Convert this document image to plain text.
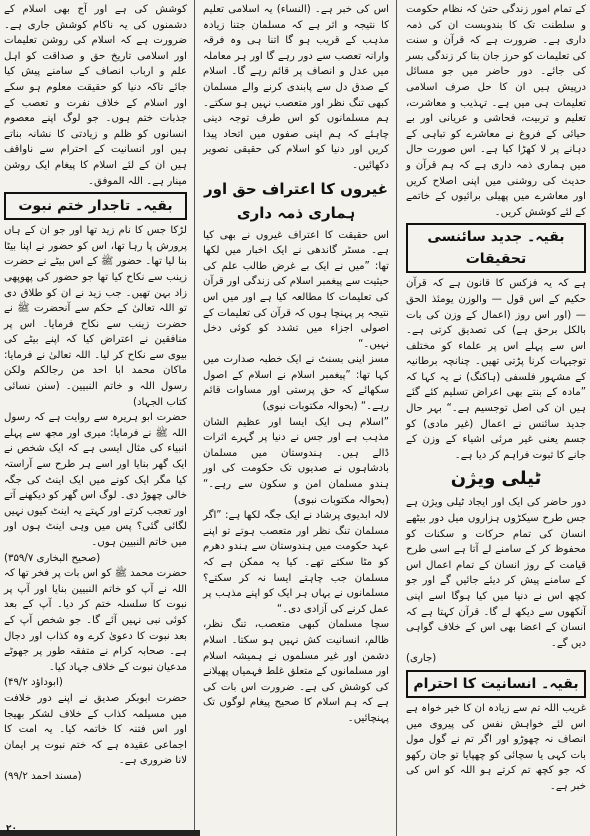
کے تمام امور زندگی حتیٰ کہ نظام حکومت و سلطنت تک کا بندوبست ان کی ذمہ داری ہے۔ ضرورت ہے کہ قرآن و سنت کی تعلیمات کو حرز جان بنا کر زندگی بسر کی جائے۔ دور حاضر میں جو مسائل درپیش ہیں ان کا حل صرف اسلامی تعلیمات ہی میں ہے۔ تہذیب و معاشرت، تعلیم و تربیت، فحاشی و عریانی اور بے حیائی کے فروغ نے معاشرے کو تباہی کے دہانے پر لا کھڑا کیا ہے۔ اس صورت حال میں ہماری ذمہ داری ہے کہ ہم قرآن و حدیث کی روشنی میں اپنی اصلاح کریں اور معاشرے میں پھیلی برائیوں کے خاتمے کے لئے کوشش کریں۔

بقیہ۔ جدید سائنسی تحقیقات

ہے کہ یہ فزکس کا قانون ہے کہ قرآن حکیم کے اس قول — والوزن یومئذ الحق — (اور اس روز (اعمال کے وزن کی بات بالکل برحق ہے) کی تصدیق کرتی ہے۔ اس سے پہلے اس پر علماء کو مختلف توجیہات کرنا پڑتی تھیں۔ چنانچہ برطانیہ کے مشہور فلسفی (ہاکنگ) نے یہ کہا کہ ”مادہ کے بنتے بھی اعراض تسلیم کئے گئے ہیں ان کی اصل توجسیم ہے۔“ بہر حال جدید سائنس نے اعمال (غیر مادی) کو جسم یعنی غیر مرئی اشیاء کے وزن کے جانے کا ثبوت فراہم کر دیا ہے۔

ٹیلی ویژن

دور حاضر کی ایک اور ایجاد ٹیلی ویژن ہے جس طرح سیکڑوں ہزاروں میل دور بیٹھے انسان کی تمام حرکات و سکنات کو محفوظ کر کے سامنے لے آتا ہے اسی طرح قیامت کے روز انسان کے تمام اعمال اس کے سامنے پیش کر دیئے جائیں گے اور جو کچھ اس نے دنیا میں کیا ہوگا اسے اپنی آنکھوں سے دیکھ لے گا۔ قرآن کہتا ہے کہ انسان کے اعضا بھی اس کے خلاف گواہی دیں گے۔

(جاری)

بقیہ۔ انسانیت کا احترام

غریب اللہ تم سے زیادہ ان کا خیر خواہ ہے اس لئے خواہش نفس کی پیروی میں انصاف نہ چھوڑو اور اگر تم نے گول مول بات کہی یا سچائی کو چھپایا تو جان رکھو کہ جو کچھ تم کرتے ہو اللہ کو اس کی خبر ہے۔

اس کی خبر ہے۔ (النساء) یہ اسلامی تعلیم کا نتیجہ و اثر ہے کہ مسلمان جتنا زیادہ مذہب کے قریب ہو گا اتنا ہی وہ فرقہ وارانہ تعصب سے دور رہے گا اور ہر معاملہ میں عدل و انصاف پر قائم رہے گا۔ اسلام کے صدق دل سے پابندی کرنے والے مسلمان کبھی تنگ نظر اور متعصب نہیں ہو سکتے۔ ہم مسلمانوں کو اس طرف توجہ دینی چاہئے کہ ہم اپنی صفوں میں اتحاد پیدا کریں اور دنیا کو اسلام کی حقیقی تصویر دکھائیں۔

غیروں کا اعتراف حق اور ہماری ذمہ داری

اس حقیقت کا اعتراف غیروں نے بھی کیا ہے۔ مسٹر گاندھی نے ایک اخبار میں لکھا تھا: ”میں نے ایک بے غرض طالب علم کی حیثیت سے پیغمبر اسلام کی زندگی اور قرآن کی تعلیمات کا مطالعہ کیا ہے اور میں اس نتیجہ پر پہنچا ہوں کہ قرآن کی تعلیمات کے اصولی اجزاء میں تشدد کو کوئی دخل نہیں۔“

مسز اینی بسنٹ نے ایک خطبہ صدارت میں کہا تھا: ”پیغمبر اسلام نے اسلام کے اصول سکھائے کہ حق پرستی اور مساوات قائم رہے۔“ (بحوالہ مکتوبات نبوی)

”اسلام ہی ایک ایسا اور عظیم الشان مذہب ہے اور جس نے دنیا پر گہرے اثرات ڈالے ہیں۔ ہندوستان میں مسلمان بادشاہوں نے صدیوں تک حکومت کی اور ہندو مسلمان امن و سکون سے رہے۔“ (بحوالہ مکتوبات نبوی)

لالہ ابدیوی پرشاد نے ایک جگہ لکھا ہے: ”اگر مسلمان تنگ نظر اور متعصب ہوتے تو اپنے عہد حکومت میں ہندوستان سے ہندو دھرم کو مٹا سکتے تھے۔ کیا یہ ممکن ہے کہ مسلمان جب چاہتے ایسا نہ کر سکتے؟ مسلمانوں نے یہاں ہر ایک کو اپنے مذہب پر عمل کرنے کی آزادی دی۔“

سچا مسلمان کبھی متعصب، تنگ نظر، ظالم، انسانیت کش نہیں ہو سکتا۔ اسلام دشمن اور غیر مسلموں نے ہمیشہ اسلام اور مسلمانوں کے متعلق غلط فہمیاں پھیلانے کی کوشش کی ہے۔ ضرورت اس بات کی ہے کہ ہم اسلام کا صحیح پیغام لوگوں تک پہنچائیں۔

کوشش کی ہے اور آج بھی اسلام کے دشمنوں کی یہ ناکام کوشش جاری ہے۔ ضرورت ہے کہ اسلام کی روشن تعلیمات اور اسلامی تاریخ حق و صداقت کو اہل علم و ارباب انصاف کے سامنے پیش کیا جائے تاکہ دنیا کو حقیقت معلوم ہو سکے اور اسلام کے خلاف نفرت و تعصب کے جذبات ختم ہوں۔ جو لوگ اپنے معصوم انسانوں کو ظلم و زیادتی کا نشانہ بناتے ہیں اور انسانیت کے احترام سے ناواقف ہیں ان کے لئے اسلام کا پیغام ایک روشن مینار ہے۔ اللہ الموفق۔

بقیہ۔ تاجدار ختم نبوت

لڑکا جس کا نام زید تھا اور جو ان کے ہاں پرورش پا رہا تھا، اس کو حضور نے اپنا بیٹا بنا لیا تھا۔ حضور ﷺ کے اس بیٹے نے حضرت زینب سے نکاح کیا تھا جو حضور کی پھوپھی زاد بہن تھیں۔ جب زید نے ان کو طلاق دی تو اللہ تعالیٰ کے حکم سے آنحضرت ﷺ نے حضرت زینب سے نکاح فرمایا۔ اس پر منافقین نے اعتراض کیا کہ اپنے بیٹے کی بیوی سے نکاح کر لیا۔ اللہ تعالیٰ نے فرمایا: ماکان محمد ابا احد من رجالکم ولکن رسول اللہ و خاتم النبیین۔ (سنن نسائی کتاب الجہاد)

حضرت ابو ہریرہ سے روایت ہے کہ رسول اللہ ﷺ نے فرمایا: میری اور مجھ سے پہلے انبیاء کی مثال ایسی ہے کہ ایک شخص نے ایک گھر بنایا اور اسے ہر طرح سے آراستہ کیا مگر ایک کونے میں ایک اینٹ کی جگہ خالی چھوڑ دی۔ لوگ اس گھر کو دیکھنے آتے اور تعجب کرتے اور کہتے یہ اینٹ کیوں نہیں لگائی گئی؟ پس میں وہی اینٹ ہوں اور میں خاتم النبیین ہوں۔

(صحیح البخاری ۳۵۹/۷)

حضرت محمد ﷺ کو اس بات پر فخر تھا کہ اللہ نے آپ کو خاتم النبیین بنایا اور آپ پر نبوت کا سلسلہ ختم کر دیا۔ آپ کے بعد کوئی نبی نہیں آئے گا۔ جو شخص آپ کے بعد نبوت کا دعویٰ کرے وہ کذاب اور دجال ہے۔ صحابہ کرام نے متفقہ طور پر جھوٹے مدعیان نبوت کے خلاف جہاد کیا۔

(ابوداؤد ۴۹/۲)

حضرت ابوبکر صدیق نے اپنے دور خلافت میں مسیلمہ کذاب کے خلاف لشکر بھیجا اور اس فتنہ کا خاتمہ کیا۔ یہ امت کا اجماعی عقیدہ ہے کہ ختم نبوت پر ایمان لانا ضروری ہے۔

(مسند احمد ۹۹/۲)

۲۰
